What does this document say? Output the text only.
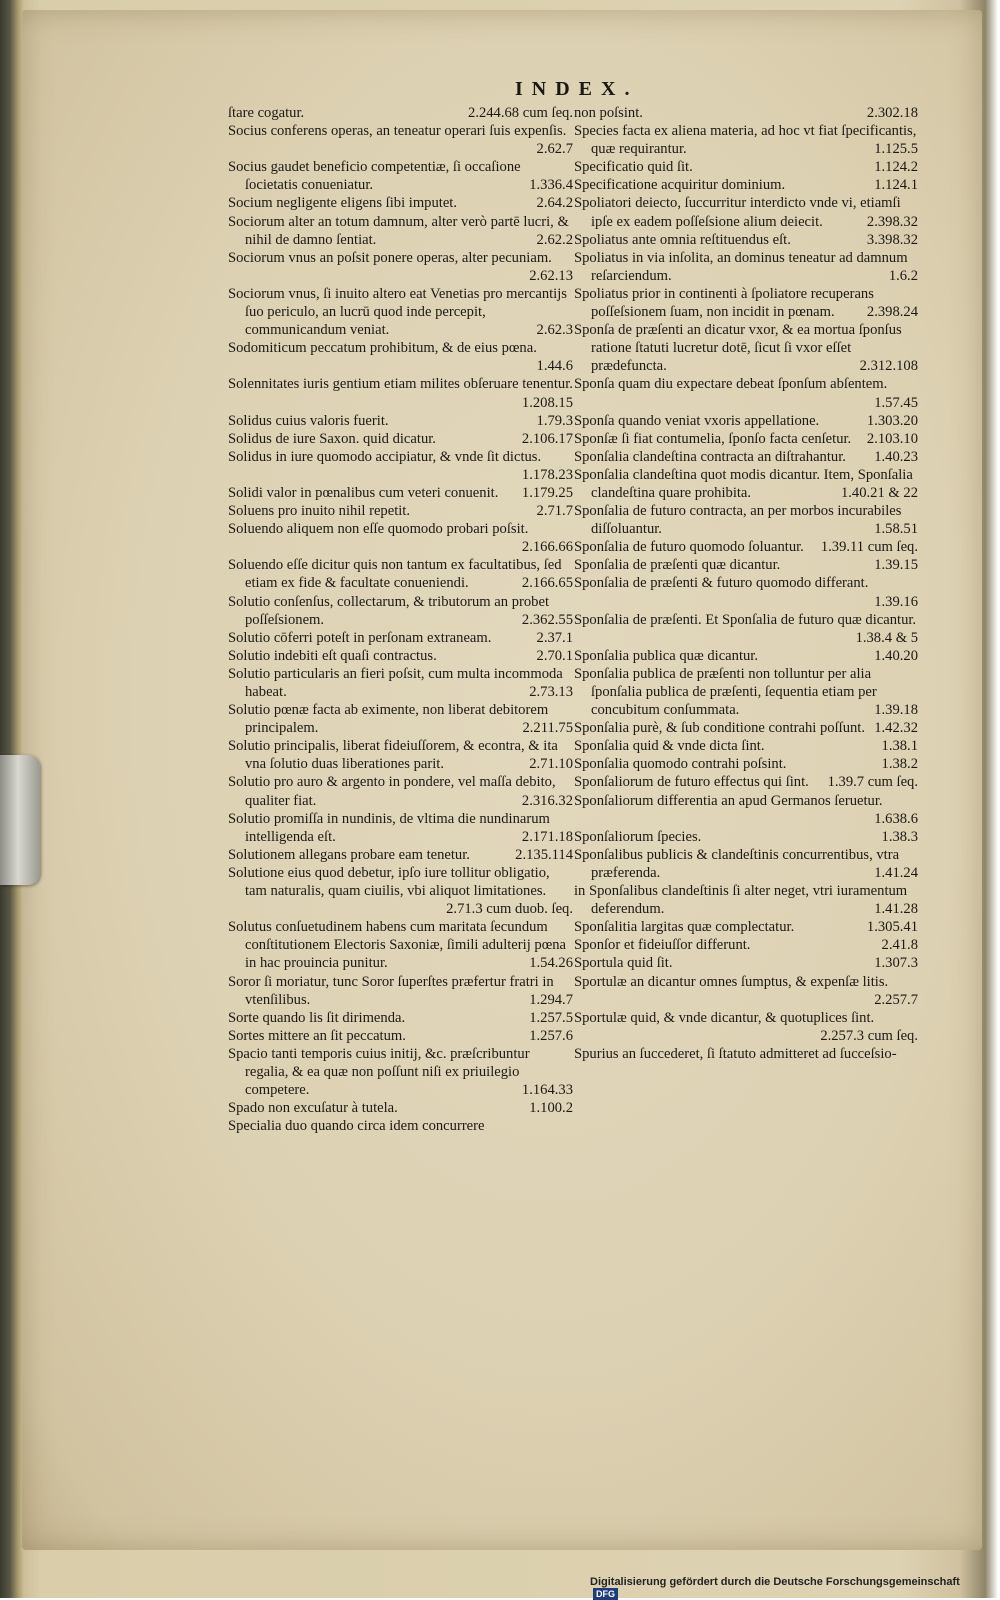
INDEX.

ſtare cogatur.	2.244.68 cum ſeq.

Socius conferens operas, an teneatur operari ſuis expenſis.
2.62.7

Socius gaudet beneficio competentiæ, ſi occaſione ſocietatis conueniatur.	1.336.4

Socium negligente eligens ſibi imputet.	2.64.2

Sociorum alter an totum damnum, alter verò partē lucri, & nihil de damno ſentiat.	2.62.2

Sociorum vnus an poſsit ponere operas, alter pecuniam.
2.62.13

Sociorum vnus, ſi inuito altero eat Venetias pro mercantijs ſuo periculo, an lucrū quod inde percepit, communicandum veniat.	2.62.3

Sodomiticum peccatum prohibitum, & de eius pœna.
1.44.6

Solennitates iuris gentium etiam milites obſeruare tenentur.
1.208.15

Solidus cuius valoris fuerit.	1.79.3

Solidus de iure Saxon. quid dicatur.	2.106.17

Solidus in iure quomodo accipiatur, & vnde ſit dictus.
1.178.23

Solidi valor in pœnalibus cum veteri conuenit.	1.179.25

Soluens pro inuito nihil repetit.	2.71.7

Soluendo aliquem non eſſe quomodo probari poſsit.
2.166.66

Soluendo eſſe dicitur quis non tantum ex facultatibus, ſed etiam ex fide & facultate conueniendi.	2.166.65

Solutio conſenſus, collectarum, & tributorum an probet poſſeſsionem.	2.362.55

Solutio cōferri poteſt in perſonam extraneam.	2.37.1

Solutio indebiti eſt quaſi contractus.	2.70.1

Solutio particularis an fieri poſsit, cum multa incommoda habeat.	2.73.13

Solutio pœnæ facta ab eximente, non liberat debitorem principalem.	2.211.75

Solutio principalis, liberat fideiuſſorem, & econtra, & ita vna ſolutio duas liberationes parit.	2.71.10

Solutio pro auro & argento in pondere, vel maſſa debito, qualiter fiat.	2.316.32

Solutio promiſſa in nundinis, de vltima die nundinarum intelligenda eſt.	2.171.18

Solutionem allegans probare eam tenetur.	2.135.114

Solutione eius quod debetur, ipſo iure tollitur obligatio, tam naturalis, quam ciuilis, vbi aliquot limitationes.
2.71.3 cum duob. ſeq.

Solutus conſuetudinem habens cum maritata ſecundum conſtitutionem Electoris Saxoniæ, ſimili adulterij pœna in hac prouincia punitur.	1.54.26

Soror ſi moriatur, tunc Soror ſuperſtes præfertur fratri in vtenſilibus.	1.294.7

Sorte quando lis ſit dirimenda.	1.257.5

Sortes mittere an ſit peccatum.	1.257.6

Spacio tanti temporis cuius initij, &c. præſcribuntur regalia, & ea quæ non poſſunt niſi ex priuilegio competere.	1.164.33

Spado non excuſatur à tutela.	1.100.2

Specialia duo quando circa idem concurrere

non poſsint.	2.302.18

Species facta ex aliena materia, ad hoc vt fiat ſpecificantis, quæ requirantur.	1.125.5

Specificatio quid ſit.	1.124.2

Specificatione acquiritur dominium.	1.124.1

Spoliatori deiecto, ſuccurritur interdicto vnde vi, etiamſi ipſe ex eadem poſſeſsione alium deiecit.	2.398.32

Spoliatus ante omnia reſtituendus eſt.	3.398.32

Spoliatus in via inſolita, an dominus teneatur ad damnum reſarciendum.	1.6.2

Spoliatus prior in continenti à ſpoliatore recuperans poſſeſsionem ſuam, non incidit in pœnam.	2.398.24

Sponſa de præſenti an dicatur vxor, & ea mortua ſponſus ratione ſtatuti lucretur dotē, ſicut ſi vxor eſſet prædefuncta.	2.312.108

Sponſa quam diu expectare debeat ſponſum abſentem.
1.57.45

Sponſa quando veniat vxoris appellatione.	1.303.20

Sponſæ ſi fiat contumelia, ſponſo facta cenſetur.	2.103.10

Sponſalia clandeſtina contracta an diſtrahantur.	1.40.23

Sponſalia clandeſtina quot modis dicantur. Item, Sponſalia clandeſtina quare prohibita.	1.40.21 & 22

Sponſalia de futuro contracta, an per morbos incurabiles diſſoluantur.	1.58.51

Sponſalia de futuro quomodo ſoluantur.	1.39.11 cum ſeq.

Sponſalia de præſenti quæ dicantur.	1.39.15

Sponſalia de præſenti & futuro quomodo differant.
1.39.16

Sponſalia de præſenti. Et Sponſalia de futuro quæ dicantur.
1.38.4 & 5

Sponſalia publica quæ dicantur.	1.40.20

Sponſalia publica de præſenti non tolluntur per alia ſponſalia publica de præſenti, ſequentia etiam per concubitum conſummata.	1.39.18

Sponſalia purè, & ſub conditione contrahi poſſunt. 1.42.32

Sponſalia quid & vnde dicta ſint.	1.38.1

Sponſalia quomodo contrahi poſsint.	1.38.2

Sponſaliorum de futuro effectus qui ſint.	1.39.7 cum ſeq.

Sponſaliorum differentia an apud Germanos ſeruetur.
1.638.6

Sponſaliorum ſpecies.	1.38.3

Sponſalibus publicis & clandeſtinis concurrentibus, vtra præferenda.	1.41.24

in Sponſalibus clandeſtinis ſi alter neget, vtri iuramentum deferendum.	1.41.28

Sponſalitia largitas quæ complectatur.	1.305.41

Sponſor et fideiuſſor differunt.	2.41.8

Sportula quid ſit.	1.307.3

Sportulæ an dicantur omnes ſumptus, & expenſæ litis.
2.257.7

Sportulæ quid, & vnde dicantur, & quotuplices ſint.
2.257.3 cum ſeq.

Spurius an ſuccederet, ſi ſtatuto admitteret ad ſucceſsio-

Digitalisierung gefördert durch die Deutsche Forschungsgemeinschaft DFG
